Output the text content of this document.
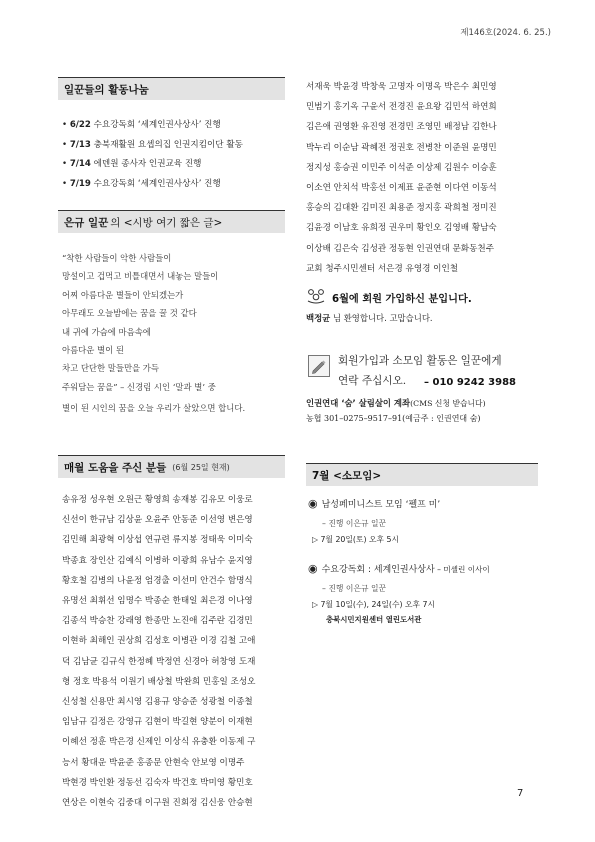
제146호(2024. 6. 25.)
일꾼들의 활동나눔
• 6/22 수요강독회 ‘세계인권사상사’ 진행
• 7/13 충북재활원 요셉의집 인권지킴이단 활동
• 7/14 에덴원 종사자 인권교육 진행
• 7/19 수요강독회 ‘세계인권사상사’ 진행
은규 일꾼 의 <시방 여기 짧은 글>
“착한 사람들이 악한 사람들이
망설이고 겁먹고 비틀대면서 내놓는 말들이
어찌 아름다운 별들이 안되겠는가
아무래도 오늘밤에는 꿈을 꿀 것 같다
내 귀에 가슴에 마음속에
아름다운 별이 된
차고 단단한 말들만을 가득
주워담는 꿈을” – 신경림 시인 ‘말과 별’ 중
별이 된 시인의 꿈을 오늘 우리가 살았으면 합니다.
매월 도움을 주신 분들 (6월 25일 현재)
송유정 성우현 오원근 황영희 송재봉 김유모 이웅로
신선이 한규남 김상윤 오윤주 안동준 이선영 변은영
김민해 최광혁 이상섭 연규련 류지봉 정태욱 이미숙
박종효 장인산 김예식 이병하 이광희 유남수 윤지영
황호철 김병의 나윤정 엄경출 이선미 안건수 함명식
유명선 최휘선 임명수 박종순 한태일 최은경 이나영
김종석 박승찬 강래영 한종만 노진애 김주란 김경민
이현하 최해인 권상희 김성호 이병관 이경 김철 고애
덕 김남균 김규식 한정혜 박정연 신경아 허창영 도재
형 정호 박용석 이원기 배상철 박완희 민홍일 조성오
신성철 신용만 최시영 김용규 양승준 성광철 이종철
임남규 김정은 강영규 김현이 박길현 양분이 이재현
이혜선 정훈 박은경 신제인 이상식 유충환 이동제 구
능서 황대운 박윤준 홍종문 안현숙 안보영 이명주
박현경 박인환 정동선 김숙자 박건호 박미영 황민호
연상은 이현숙 김중대 이구원 진회정 김신웅 안승현
서재욱 박윤경 박창욱 고명자 이명옥 박은수 최민영
민범기 홍기옥 구윤서 전경진 윤요왕 김민석 하연희
김은애 권영환 유진영 전경민 조영민 배정남 김한나
박누리 이순남 곽혜전 정권호 전병찬 이준원 윤명민
정지성 홍승권 이민주 이석준 이상제 김원수 이승훈
이소연 안치석 박홍선 이제표 윤준현 이다연 이동석
홍승의 김대환 김미진 최용준 정지홍 곽희철 정미진
김윤경 이남호 유희정 권우미 황인오 김영배 황남숙
이상배 김은숙 김성관 정동현 인권연대 문화동천주
교회 청주시민센터 서은경 유영경 이인철
6월에 회원 가입하신 분입니다.
백정균 님 환영합니다. 고맙습니다.
회원가입과 소모임 활동은 일꾼에게
연락 주십시오. – 010 9242 3988
인권연대 ‘숨’ 살림살이 계좌(CMS 신청 받습니다)
농협 301–0275–9517–91(예금주 : 인권연대 숨)
7월 <소모임>
◉ 남성페미니스트 모임 ‘펠프 미’
– 진행 이은규 일꾼
▷ 7월 20일(토) 오후 5시
◉ 수요강독회 : 세계인권사상사 – 미셸린 이사이
– 진행 이은규 일꾼
▷ 7월 10일(수), 24일(수) 오후 7시
충북시민지원센터 열린도서관
7
